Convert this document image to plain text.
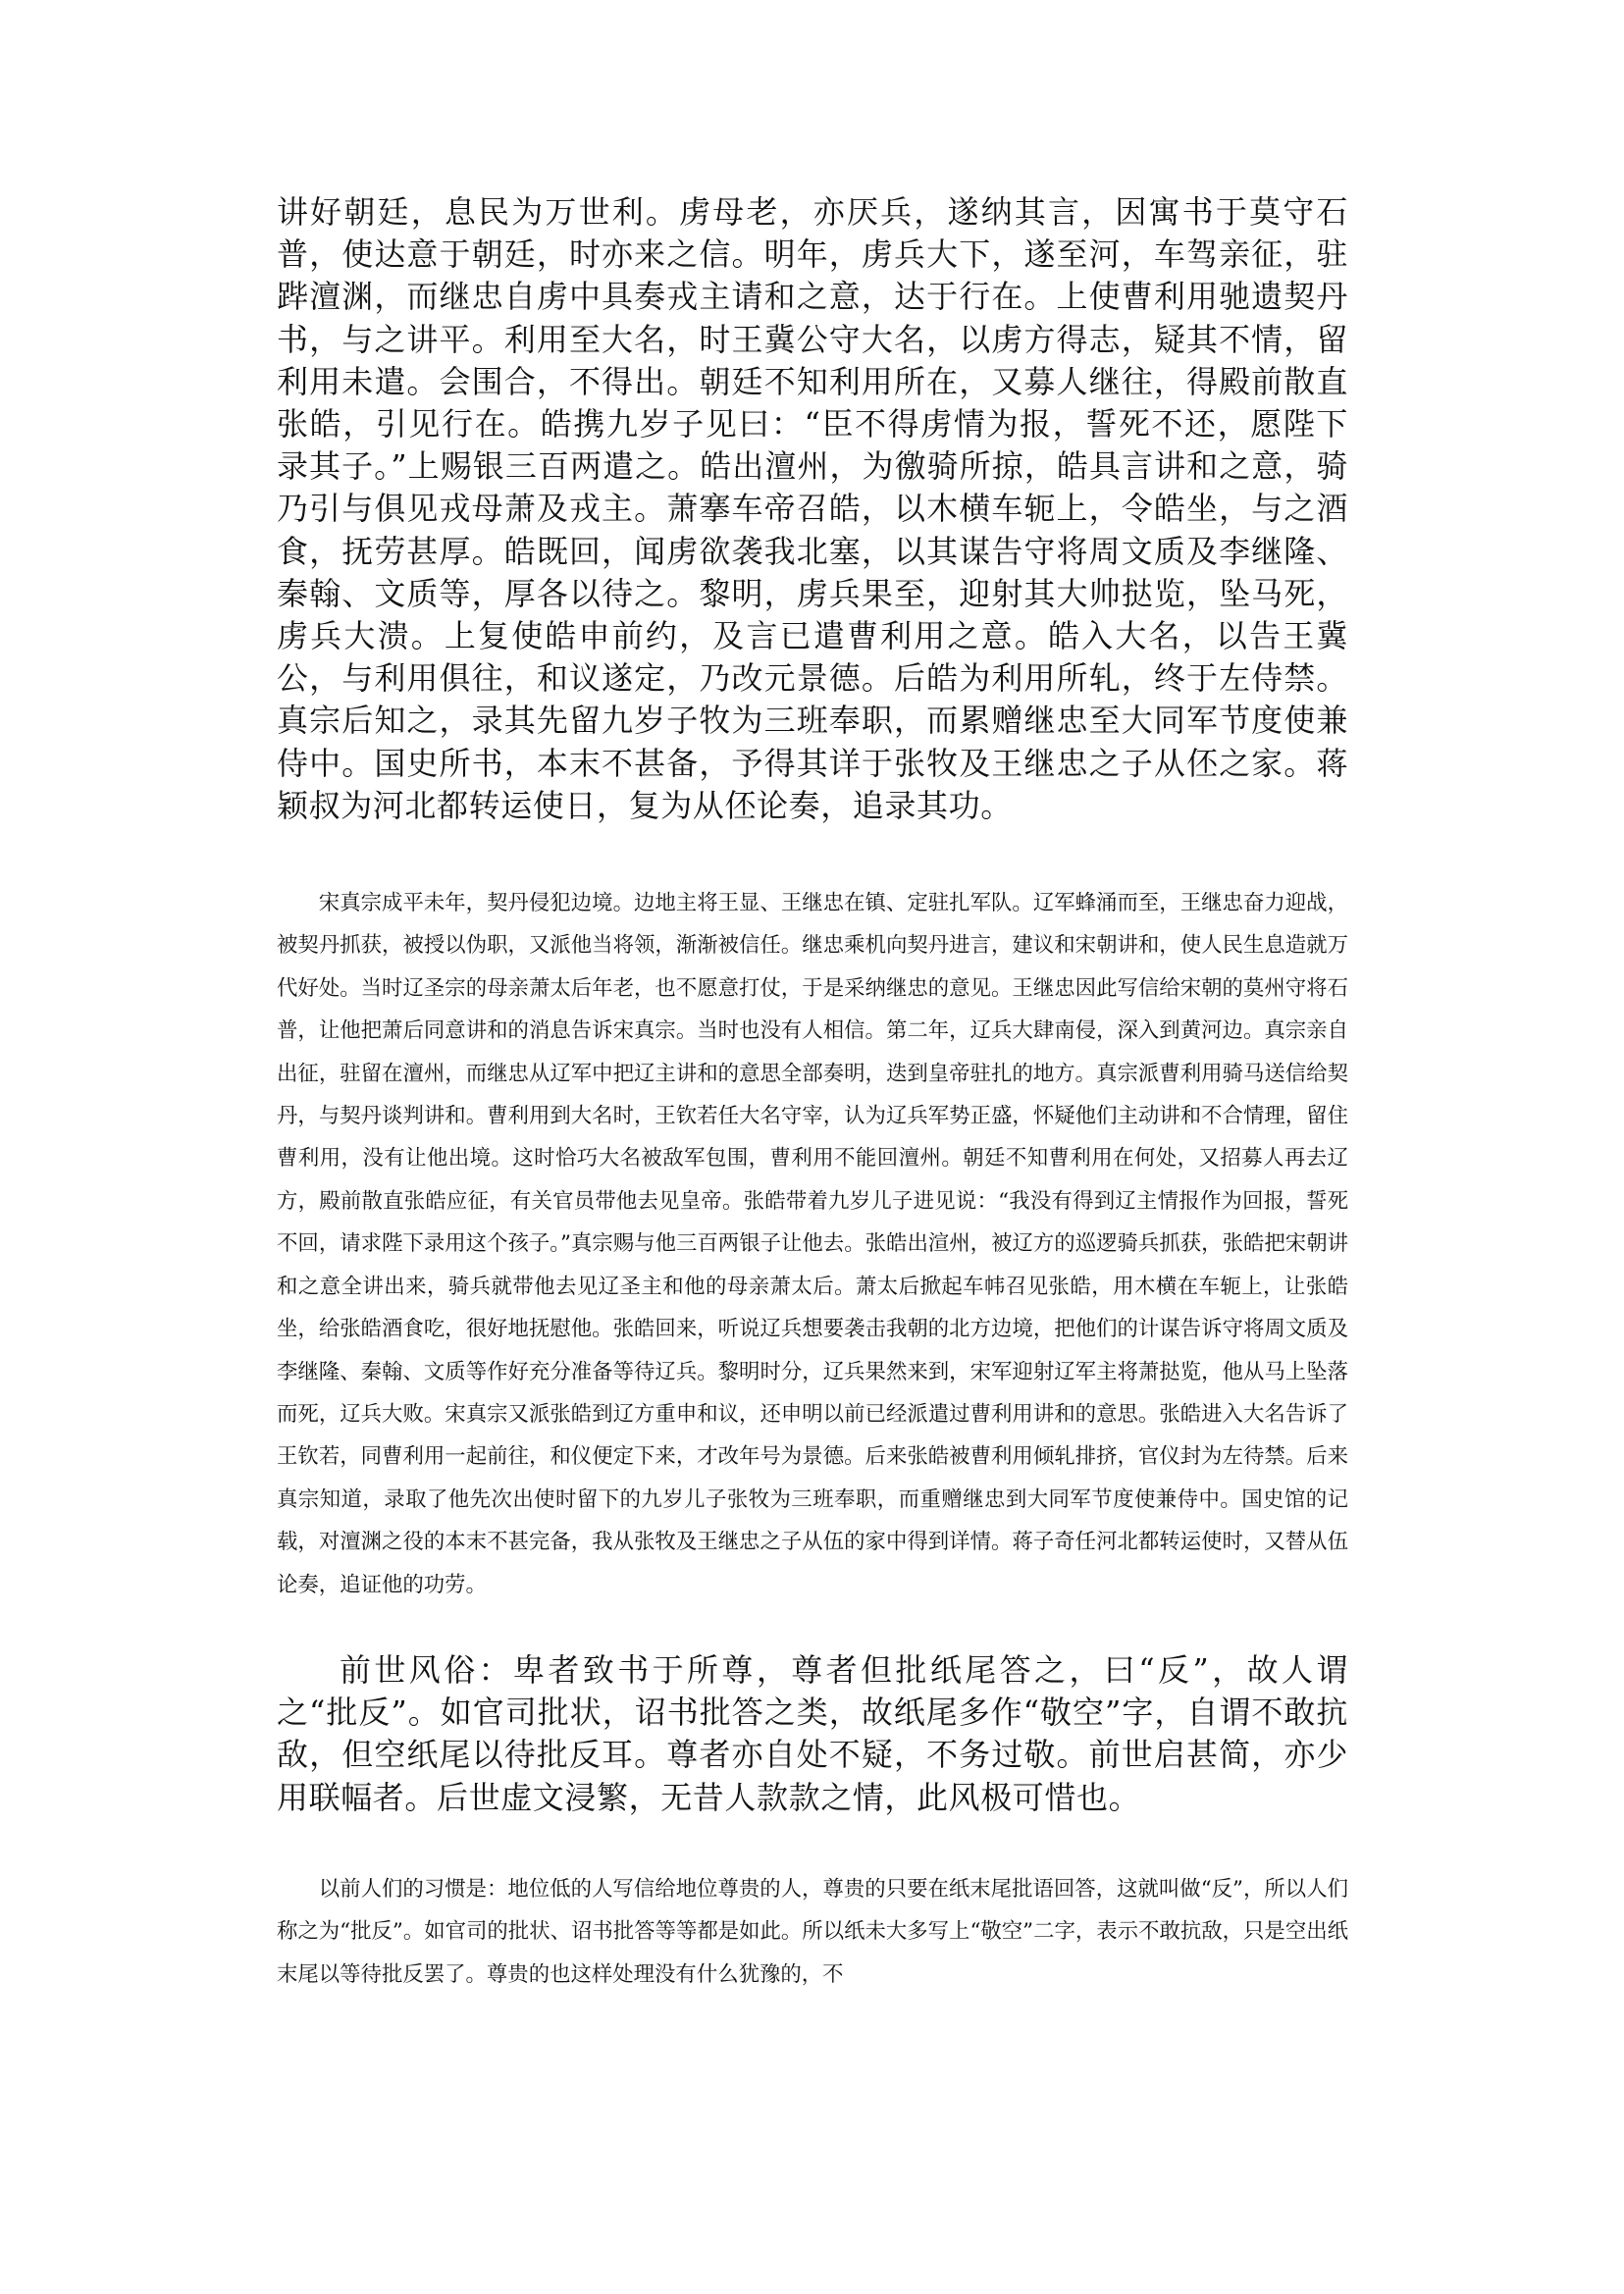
讲好朝廷，息民为万世利。虏母老，亦厌兵，遂纳其言，因寓书于莫守石普，使达意于朝廷，时亦来之信。明年，虏兵大下，遂至河，车驾亲征，驻跸澶渊，而继忠自虏中具奏戎主请和之意，达于行在。上使曹利用驰遗契丹书，与之讲平。利用至大名，时王冀公守大名，以虏方得志，疑其不情，留利用未遣。会围合，不得出。朝廷不知利用所在，又募人继往，得殿前散直张皓，引见行在。皓携九岁子见曰：“臣不得虏情为报，誓死不还，愿陛下录其子。”上赐银三百两遣之。皓出澶州，为徼骑所掠，皓具言讲和之意，骑乃引与俱见戎母萧及戎主。萧搴车帝召皓，以木横车轭上，令皓坐，与之酒食，抚劳甚厚。皓既回，闻虏欲袭我北塞，以其谋告守将周文质及李继隆、秦翰、文质等，厚各以待之。黎明，虏兵果至，迎射其大帅挞览，坠马死，虏兵大溃。上复使皓申前约，及言已遣曹利用之意。皓入大名，以告王冀公，与利用俱往，和议遂定，乃改元景德。后皓为利用所轧，终于左侍禁。真宗后知之，录其先留九岁子牧为三班奉职，而累赠继忠至大同军节度使兼侍中。国史所书，本末不甚备，予得其详于张牧及王继忠之子从伾之家。蒋颖叔为河北都转运使日，复为从伾论奏，追录其功。

宋真宗成平未年，契丹侵犯边境。边地主将王显、王继忠在镇、定驻扎军队。辽军蜂涌而至，王继忠奋力迎战，被契丹抓获，被授以伪职，又派他当将领，渐渐被信任。继忠乘机向契丹进言，建议和宋朝讲和，使人民生息造就万代好处。当时辽圣宗的母亲萧太后年老，也不愿意打仗，于是采纳继忠的意见。王继忠因此写信给宋朝的莫州守将石普，让他把萧后同意讲和的消息告诉宋真宗。当时也没有人相信。第二年，辽兵大肆南侵，深入到黄河边。真宗亲自出征，驻留在澶州，而继忠从辽军中把辽主讲和的意思全部奏明，迭到皇帝驻扎的地方。真宗派曹利用骑马送信给契丹，与契丹谈判讲和。曹利用到大名时，王钦若任大名守宰，认为辽兵军势正盛，怀疑他们主动讲和不合情理，留住曹利用，没有让他出境。这时恰巧大名被敌军包围，曹利用不能回澶州。朝廷不知曹利用在何处，又招募人再去辽方，殿前散直张皓应征，有关官员带他去见皇帝。张皓带着九岁儿子进见说：“我没有得到辽主情报作为回报，誓死不回，请求陛下录用这个孩子。”真宗赐与他三百两银子让他去。张皓出渲州，被辽方的巡逻骑兵抓获，张皓把宋朝讲和之意全讲出来，骑兵就带他去见辽圣主和他的母亲萧太后。萧太后掀起车帏召见张皓，用木横在车轭上，让张皓坐，给张皓酒食吃，很好地抚慰他。张皓回来，听说辽兵想要袭击我朝的北方边境，把他们的计谋告诉守将周文质及李继隆、秦翰、文质等作好充分准备等待辽兵。黎明时分，辽兵果然来到，宋军迎射辽军主将萧挞览，他从马上坠落而死，辽兵大败。宋真宗又派张皓到辽方重申和议，还申明以前已经派遣过曹利用讲和的意思。张皓进入大名告诉了王钦若，同曹利用一起前往，和仪便定下来，才改年号为景德。后来张皓被曹利用倾轧排挤，官仪封为左待禁。后来真宗知道，录取了他先次出使时留下的九岁儿子张牧为三班奉职，而重赠继忠到大同军节度使兼侍中。国史馆的记载，对澶渊之役的本末不甚完备，我从张牧及王继忠之子从伍的家中得到详情。蒋子奇任河北都转运使时，又替从伍论奏，追证他的功劳。

前世风俗：卑者致书于所尊，尊者但批纸尾答之，曰“反”，故人谓之“批反”。如官司批状，诏书批答之类，故纸尾多作“敬空”字，自谓不敢抗敌，但空纸尾以待批反耳。尊者亦自处不疑，不务过敬。前世启甚简，亦少用联幅者。后世虚文浸繁，无昔人款款之情，此风极可惜也。

以前人们的习惯是：地位低的人写信给地位尊贵的人，尊贵的只要在纸末尾批语回答，这就叫做“反”，所以人们称之为“批反”。如官司的批状、诏书批答等等都是如此。所以纸未大多写上“敬空”二字，表示不敢抗敌，只是空出纸末尾以等待批反罢了。尊贵的也这样处理没有什么犹豫的，不
